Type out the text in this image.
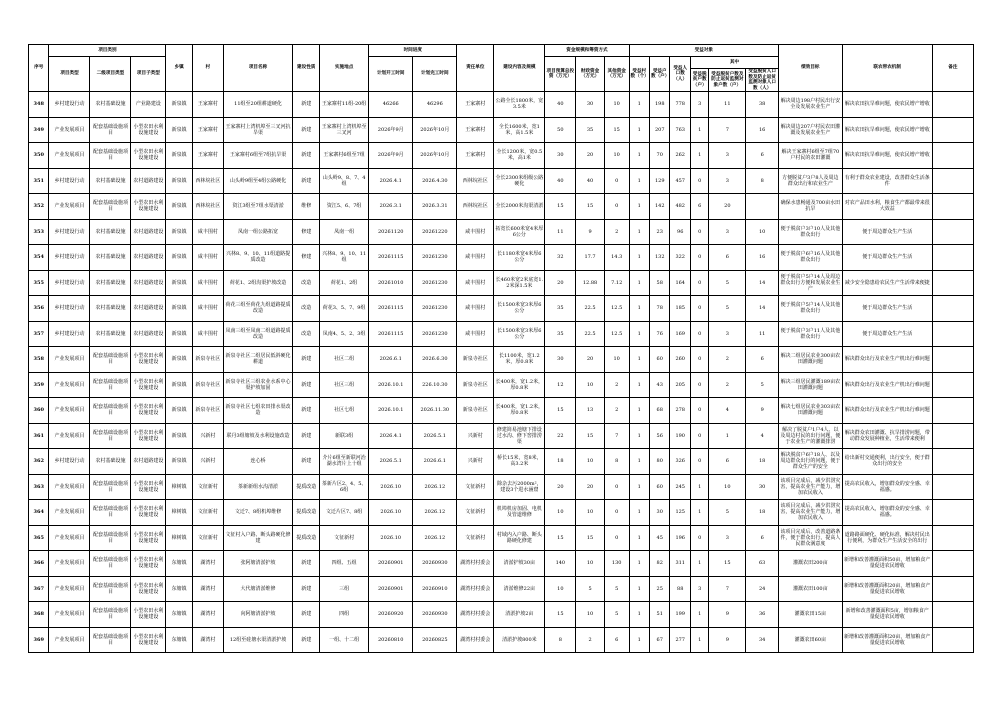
序号	项目类别			乡镇	村	项目名称	建设性质	实施地点	时间进度		责任单位	建设内容及规模	资金规模和筹资方式			受益对象						绩效目标	联农带农机制	备注
	项目类型	二级项目类型	项目子类型						计划开工时间	计划完工时间			项目预算总投资（万元）	财政资金（万元）	其他资金（万元）	受益村数（个）	受益户数（户）	受益人口数（人）	其中					
																			受益脱贫户数（户）	受益脱贫户数及防止返贫监测对象户数（户）	受益脱贫人口数及防止返贫监测对象人口数（人）			
348	乡村建设行动	农村基础设施	产业路建设	新泉镇	王家寨村	11组至20组耕道硬化	新建	王家寨村11组-20组	46266	46296	王家寨村	公路全长1800米，宽3.5米	40	30	10	1	198	778	3	11	38	解决周边198户村民出行安全及发展农业生产	解决农田抗旱难问题，使农民增产增收	
349	产业发展项目	配套基础设施项目	小型农田水利设施建设	新泉镇	王家寨村	王家寨村上湾机埠至三叉河抗旱渠	新建	王家寨村上湾机埠至三叉河	2026年9月	2026年10月	王家寨村	全长1600米，宽1米，高1.5米	50	35	15	1	207	763	1	7	16	解决周边207户村民农田灌溉及发展农业生产	解决农田抗旱难问题，使农民增产增收	
350	产业发展项目	配套基础设施项目	小型农田水利设施建设	新泉镇	王家寨村	王家寨村6组至7组抗旱渠	新建	王家寨村6组至7组	2026年9月	2026年10月	王家寨村	全长1200米，宽0.5米，高1米	30	20	10	1	70	262	1	3	6	解决王家寨村6组至7组70户村民的农田灌溉	解决农田抗旱难问题，使农民增产增收	
351	乡村建设行动	农村基础设施	农村道路建设	新泉镇	西林垸社区	山头岭9组至4组公路硬化	新建	山头岭9、8、7、4组	2026.4.1	2026.4.30	西林垸社区	全长2300米组级公路硬化	40	40	0	1	129	457	0	3	8	方便脱贫户3户8人及周边群众出行和农业生产	有利于群众农业建设，改善群众生活条件	
352	产业发展项目	配套基础设施项目	小型农田水利设施建设	新泉镇	西林垸社区	资江3组至7组水渠清淤	维修	资江5、6、7组	2026.3.1	2026.3.31	西林垸社区	全长2000米沟渠清淤	15	15	0	1	142	482	6	20		确保水患畅通及700亩水田抗旱	对农产品田水利，粮食生产都最带来很大效益	
353	乡村建设行动	农村基础设施	农村道路建设	新泉镇	咸丰围村	凤南一组公路拓宽	修建	凤南一组	20261120	20261220	咸丰围村	拓宽长600米宽4米厚6公分	11	9	2	1	23	96	0	3	10	便于脱贫户3户10人及其他群众出行	便于周边群众生产生活	
354	乡村建设行动	农村基础设施	农村道路建设	新泉镇	咸丰围村	兴林8、9、10、11组道路提质改造	修建	兴林8、9、10、11组	20261115	20261230	咸丰围村	长1180米宽4米厚6公分	32	17.7	14.3	1	132	322	0	6	16	便于脱贫户6户16人及其他群众出行	便于周边群众生产生活	
355	乡村建设行动	农村基础设施	农村道路建设	新泉镇	咸丰围村	荷花1、2组沟渠护坡改造	改造	荷花1、2组	20261010	20261230	咸丰围村	长460米宽2米底宽1.2米深1.5米	20	12.88	7.12	1	58	164	0	5	14	便于脱贫户5户14人及周边群众出行方便和发展农业生产	减少安全隐患给农民生产生活带来便捷	
356	乡村建设行动	农村基础设施	农村道路建设	新泉镇	咸丰围村	荷花三组至荷花九组道路提质改造	改造	荷花3、5、7、9组	20261115	20261230	咸丰围村	长1500米宽3米厚6公分	35	22.5	12.5	1	78	185	0	5	14	便于脱贫户5户14人及其他群众出行	便于周边群众生产生活	
357	乡村建设行动	农村基础设施	农村道路建设	新泉镇	咸丰围村	凤南三组至凤南二组道路提质改造	改造	凤南4、5、2、3组	20261115	20261230	咸丰围村	长1500米宽3米厚6公分	35	22.5	12.5	1	76	169	0	3	11	便于脱贫户3户11人及其他群众出行	便于周边群众生产生活	
358	产业发展项目	配套基础设施项目	小型农田水利设施建设	新泉镇	新泉寺社区	新泉寺社区二组居民低斜硬化耕道	新建	社区二组	2026.6.1	2026.6.30	新泉寺社区	长1100米，宽1.2米，厚0.8米	30	20	10	1	60	260	0	2	6	解决二组居民农业300亩农田灌溉问题	解决群众出行及农业生产机出行难问题	
359	产业发展项目	配套基础设施项目	小型农田水利设施建设	新泉镇	新泉寺社区	新泉寺社区三组农业水系中心渠护坡加固	新建	社区三组	2026.10.1	226.10.30	新泉寺社区	长400米，宽1.2米，厚0.8米	12	10	2	1	43	205	0	2	5	解决三组居民灌溉189亩农田灌溉问题	解决群众出行及农业生产机出行难问题	
360	产业发展项目	配套基础设施项目	小型农田水利设施建设	新泉镇	新泉寺社区	新泉寺社区七组农田排水渠改造	新建	社区七组	2026.10.1	2026.11.30	新泉寺社区	长400米，宽1.2米，厚0.8米	15	13	2	1	68	278	0	4	9	解决七组居民农业303亩农田灌溉问题	解决群众出行及农业生产机出行难问题	
361	产业发展项目	配套基础设施项目	小型农田水利设施建设	新泉镇	兴新村	联丹3组塘坡及水利设施改造	新建	新联3组	2026.4.1	2026.5.1	兴新村	修建简易池塘下排设过水沟、修下窖排涝渠	22	15	7	1	56	190	0	1	4	解决了脱贫户1户4人、以及周边村民的出行问题，便于农业生产的灌溉排涝	解决群众农田灌溉、抗旱排涝问题，带动群众发展种植业，生活带来便利	
362	乡村建设行动	农村基础设施	农村道路建设	新泉镇	兴新村	连心桥	新建	介片6组至新联河治湖水湾片上十组	2026.5.1	2026.6.1	兴新村	桥长15米，宽8米，高3.2米	18	10	8	1	80	326	0	6	18	解决脱贫户6户18人、以及周边群众出行的问题，便于群众生产的安全	给出新村交通便利，出行安全，便于群众出行的安全	
363	产业发展项目	配套基础设施项目	小型农田水利设施建设	樟树镇	文征新村	茶新新组水沟清淤	提质改造	茶新片区2、4、5、6组	2026.10	2026.12	文征新村	除杂去污2000m²，建设3个进水涵窟	20	20	0	1	60	245	1	10	30	该项目完成后，减少洪涝灾害，提高农业生产能力，增加农民收入	提高农民收入，增加群众的安全感、幸福感。	
364	产业发展项目	配套基础设施项目	小型农田水利设施建设	樟树镇	文征新村	文迁7、8组机埠维修	提质改造	文迁片区7、8组	2026.10	2026.12	文征新村	机埠机房加固、电机及管道维修	10	10	0	1	30	125	1	5	18	该项目完成后，减少洪涝灾害，提高农业生产能力，增加农民收入	提高农民收入，增加群众的安全感、幸福感。	
365	产业发展项目	配套基础设施项目	小型农田水利设施建设	樟树镇	文征新村	文征村入户路、断头路硬化修建	提质改造	文征新村	2026.10	2026.12	文征新村	村域内入户路、断头路硬化修建	15	15	0	1	45	196	0	3	6	该项目完成后，改善道路条件，便于群众出行，提高人民群众满意度	道路路面硬化、硬化标准，解决村民出行便利，为群众生产生活安全的出行	
366	产业发展项目	配套基础设施项目	小型农田水利设施建设	东塘镇	湖湾村	张阿塘清淤护坡	新建	四组、五组	20260901	20260930	湖湾村村委会	清淤护坡30亩	140	10	130	1	82	311	1	15	63	灌溉农田200亩	新增和改善灌溉面积50亩，增加粮食产量促进农民增收	
367	产业发展项目	配套基础设施项目	小型农田水利设施建设	东塘镇	湖湾村	大代塘清淤维修	新建	三组	20260901	20260910	湖湾村村委会	清淤维修22亩	10	5	5	1	25	88	3	7	24	灌溉农田100亩	新增和改善灌溉面积20亩，增加粮食产量促进农民增收	
368	产业发展项目	配套基础设施项目	小型农田水利设施建设	东塘镇	湖湾村	向阿塘清淤护坡	新建	四组	20260920	20260930	湖湾村村委会	清淤护坡2亩	15	10	5	1	51	199	1	9	36	灌溉农田15亩	新增和改善灌溉面积5亩，增加粮食产量促进农民增收	
369	产业发展项目	配套基础设施项目	小型农田水利设施建设	东塘镇	湖湾村	12组至硅塘水渠清淤护坡	新建	一组、十二组	20260810	20260825	湖湾村村委会	清淤护坡800米	8	2	6	1	67	277	1	9	34	灌溉农田60亩	新增和改善灌溉面积20亩，增加粮食产量促进农民增收	
